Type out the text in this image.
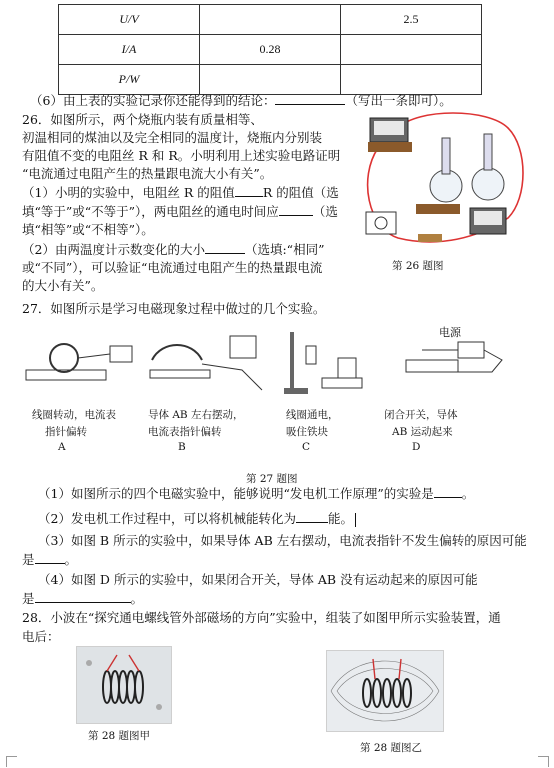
U/V		2.5
I/A	0.28	
P/W		
（6）由上表的实验记录你还能得到的结论：	（写出一条即可）。
26．如图所示，两个烧瓶内装有质量相等、
初温相同的煤油以及完全相同的温度计，烧瓶内分别装
有阻值不变的电阻丝 R 和 R。小明利用上述实验电路证明
“电流通过电阻产生的热量跟电流大小有关”。
（1）小明的实验中，电阻丝 R 的阻值 R 的阻值（选
填“等于”或“不等于”），两电阻丝的通电时间应	（选
填“相等”或“不相等”）。
（2）由两温度计示数变化的大小	（选填:“相同”
或“不同”），可以验证“电流通过电阻产生的热量跟电流
的大小有关”。
第 26 题图
27．如图所示是学习电磁现象过程中做过的几个实验。
电源
线圈转动，电流表
指针偏转
A
导体 AB 左右摆动，
电流表指针偏转
B
线圈通电，
吸住铁块
C
闭合开关，导体
AB 运动起来
D
第 27 题图
（1）如图所示的四个电磁实验中，能够说明“发电机工作原理”的实验是 。
（2）发电机工作过程中，可以将机械能转化为	能。
（3）如图 B 所示的实验中，如果导体 AB 左右摆动，电流表指针不发生偏转的原因可能
是 。
（4）如图 D 所示的实验中，如果闭合开关，导体 AB 没有运动起来的原因可能
是	。
28．小波在“探究通电螺线管外部磁场的方向”实验中，组装了如图甲所示实验装置，通
电后：
第 28 题图甲
第 28 题图乙
